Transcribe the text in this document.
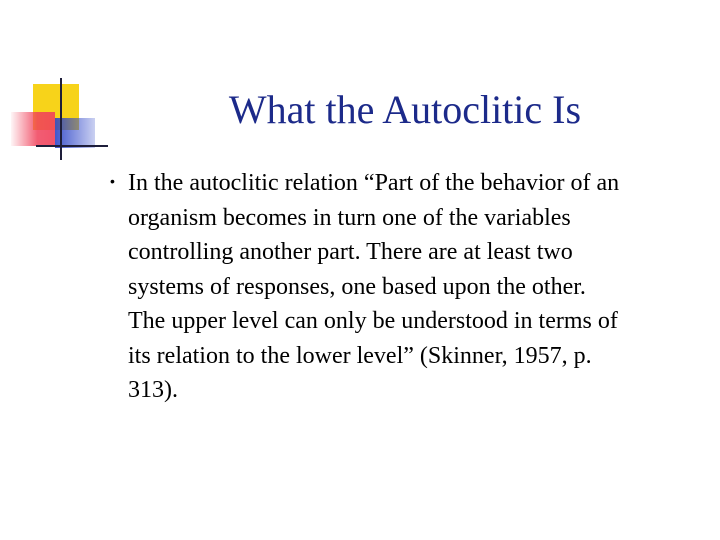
What the Autoclitic Is
• In the autoclitic relation “Part of the behavior of an
organism becomes in turn one of the variables
controlling another part. There are at least two
systems of responses, one based upon the other.
The upper level can only be understood in terms of
its relation to the lower level” (Skinner, 1957, p.
313).
